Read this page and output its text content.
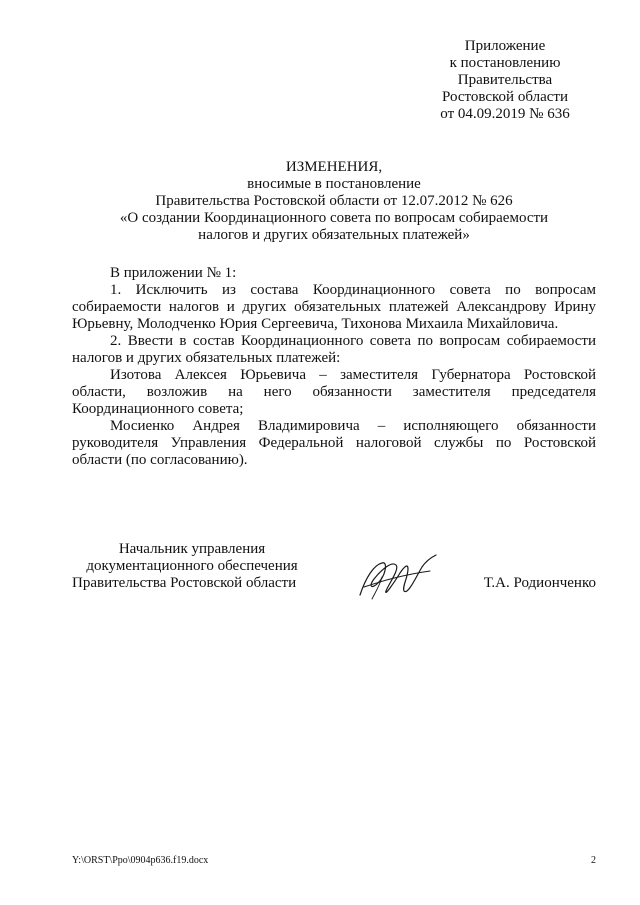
Приложение
к постановлению
Правительства
Ростовской области
от 04.09.2019 № 636
ИЗМЕНЕНИЯ,
вносимые в постановление
Правительства Ростовской области от 12.07.2012 № 626
«О создании Координационного совета по вопросам собираемости
налогов и других обязательных платежей»

В приложении № 1:

1. Исключить из состава Координационного совета по вопросам собираемости налогов и других обязательных платежей Александрову Ирину Юрьевну, Молодченко Юрия Сергеевича, Тихонова Михаила Михайловича.

2. Ввести в состав Координационного совета по вопросам собираемости налогов и других обязательных платежей:

Изотова Алексея Юрьевича – заместителя Губернатора Ростовской области, возложив на него обязанности заместителя председателя Координационного совета;

Мосиенко Андрея Владимировича – исполняющего обязанности руководителя Управления Федеральной налоговой службы по Ростовской области (по согласованию).

Начальник управления
документационного обеспечения
Правительства Ростовской области	Т.А. Родионченко
Y:\ORST\Ppo\0904p636.f19.docx	2
